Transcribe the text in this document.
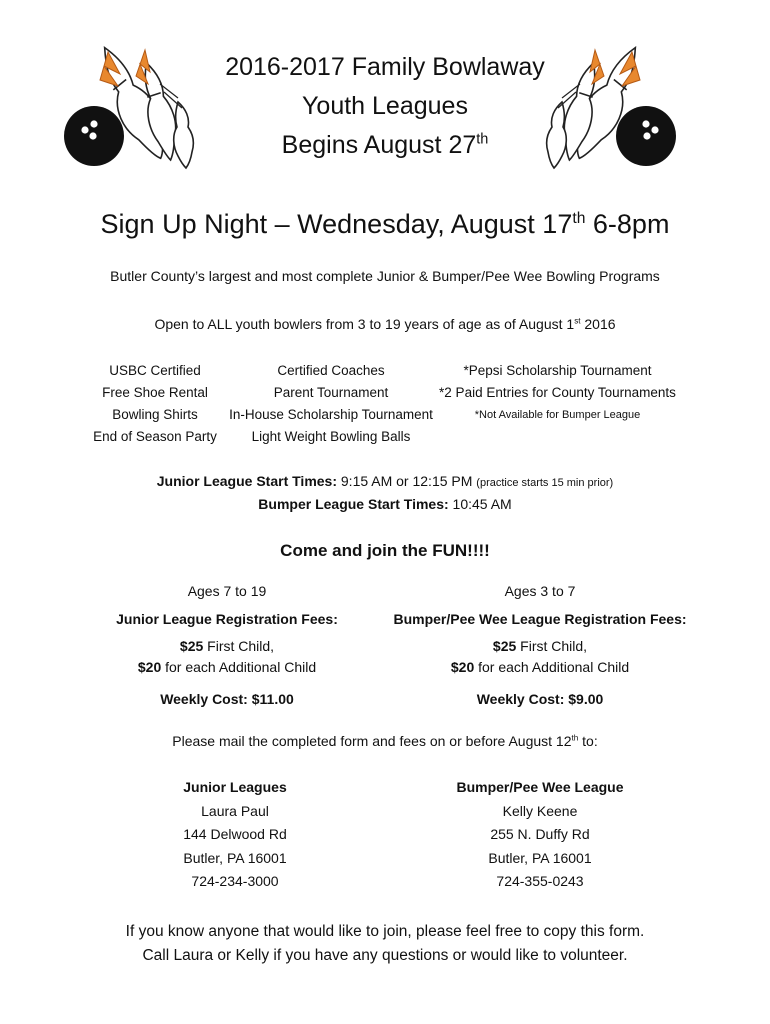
2016-2017 Family Bowlaway
Youth Leagues
Begins August 27th
Sign Up Night – Wednesday, August 17th 6-8pm
Butler County’s largest and most complete Junior & Bumper/Pee Wee Bowling Programs
Open to ALL youth bowlers from 3 to 19 years of age as of August 1st 2016
USBC Certified
Free Shoe Rental
Bowling Shirts
End of Season Party
Certified Coaches
Parent Tournament
In-House Scholarship Tournament
Light Weight Bowling Balls
*Pepsi Scholarship Tournament
*2 Paid Entries for County Tournaments
*Not Available for Bumper League
Junior League Start Times: 9:15 AM or 12:15 PM (practice starts 15 min prior)
Bumper League Start Times: 10:45 AM
Come and join the FUN!!!!
Ages 7 to 19
Junior League Registration Fees:
$25 First Child,
$20 for each Additional Child
Weekly Cost: $11.00
Ages 3 to 7
Bumper/Pee Wee League Registration Fees:
$25 First Child,
$20 for each Additional Child
Weekly Cost: $9.00
Please mail the completed form and fees on or before August 12th to:
Junior Leagues
Laura Paul
144 Delwood Rd
Butler, PA 16001
724-234-3000
Bumper/Pee Wee League
Kelly Keene
255 N. Duffy Rd
Butler, PA 16001
724-355-0243
If you know anyone that would like to join, please feel free to copy this form.
Call Laura or Kelly if you have any questions or would like to volunteer.
